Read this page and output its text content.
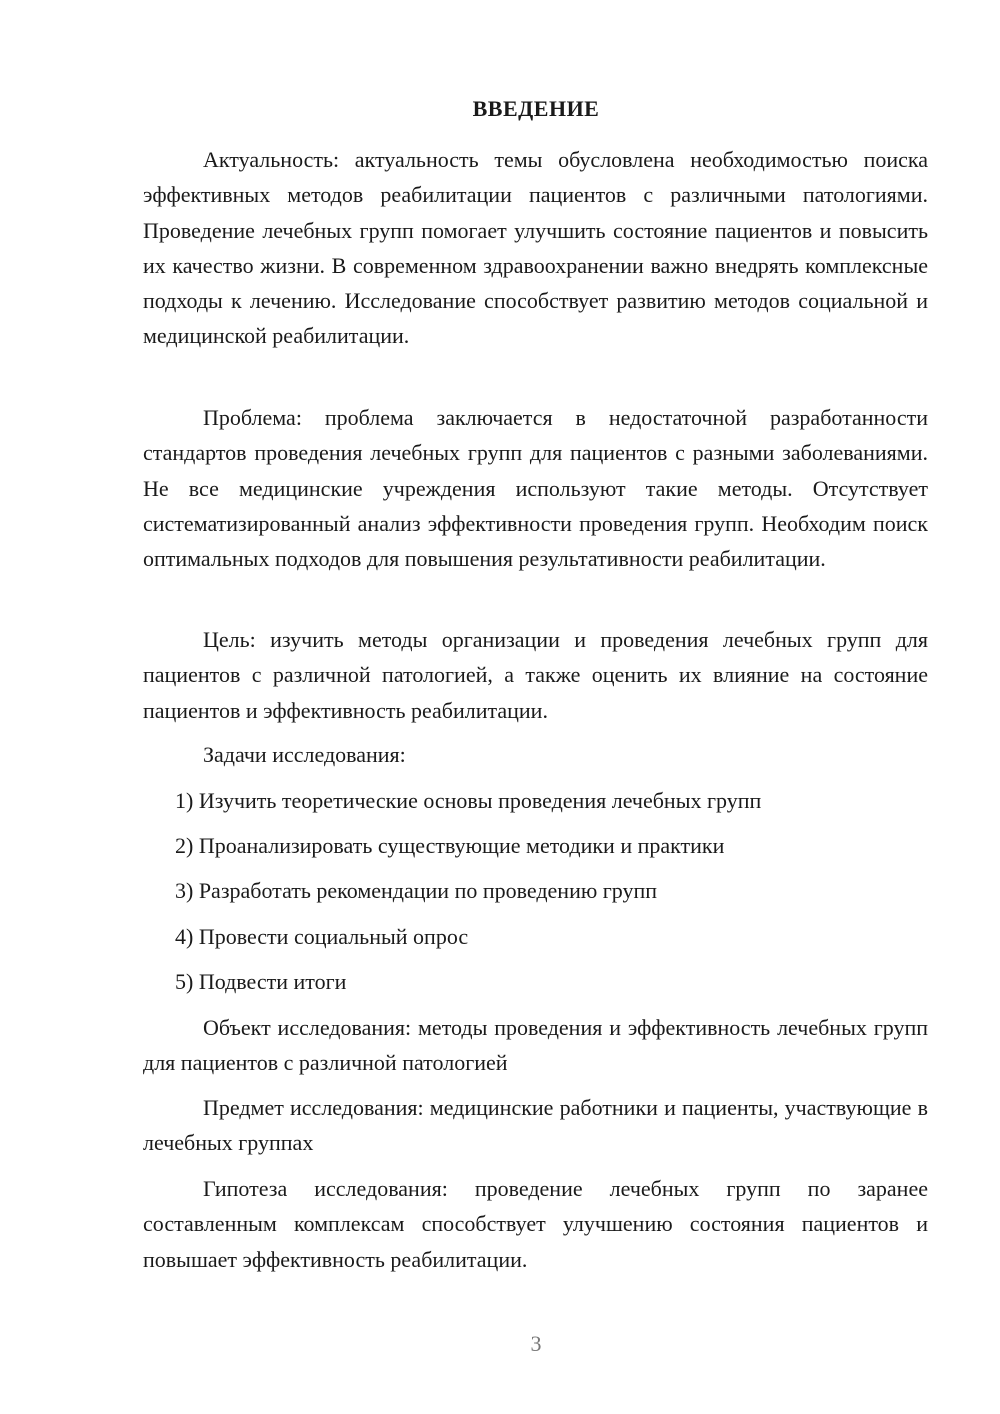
ВВЕДЕНИЕ

Актуальность: актуальность темы обусловлена необходимостью поиска эффективных методов реабилитации пациентов с различными патологиями. Проведение лечебных групп помогает улучшить состояние пациентов и повысить их качество жизни. В современном здравоохранении важно внедрять комплексные подходы к лечению. Исследование способствует развитию методов социальной и медицинской реабилитации.

Проблема: проблема заключается в недостаточной разработанности стандартов проведения лечебных групп для пациентов с разными заболеваниями. Не все медицинские учреждения используют такие методы. Отсутствует систематизированный анализ эффективности проведения групп. Необходим поиск оптимальных подходов для повышения результативности реабилитации.

Цель: изучить методы организации и проведения лечебных групп для пациентов с различной патологией, а также оценить их влияние на состояние пациентов и эффективность реабилитации.

Задачи исследования:

1) Изучить теоретические основы проведения лечебных групп

2) Проанализировать существующие методики и практики

3) Разработать рекомендации по проведению групп

4) Провести социальный опрос

5) Подвести итоги

Объект исследования: методы проведения и эффективность лечебных групп для пациентов с различной патологией

Предмет исследования: медицинские работники и пациенты, участвующие в лечебных группах

Гипотеза исследования: проведение лечебных групп по заранее составленным комплексам способствует улучшению состояния пациентов и повышает эффективность реабилитации.

3
